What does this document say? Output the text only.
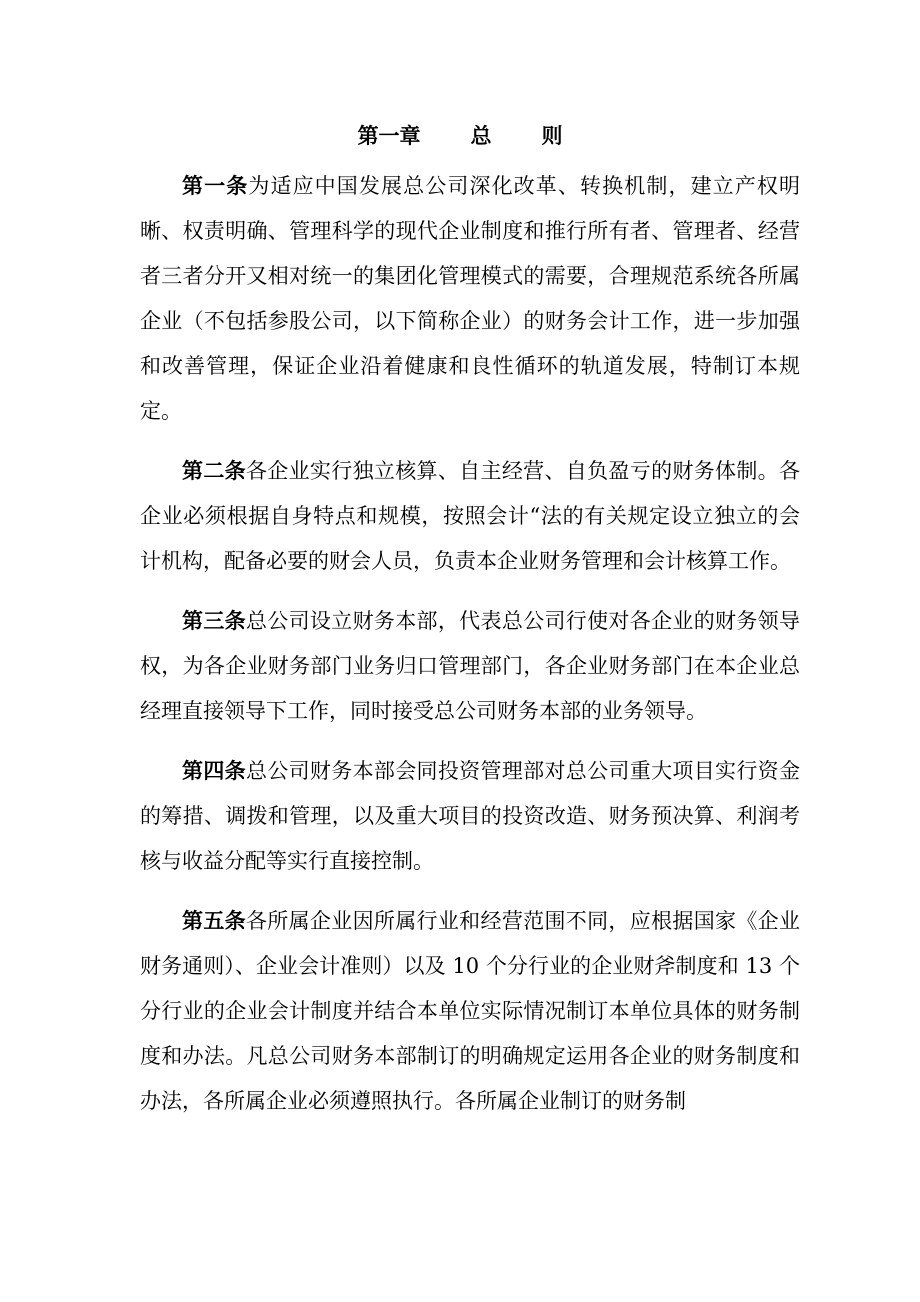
第一章 总 则

第一条为适应中国发展总公司深化改革、转换机制，建立产权明晰、权责明确、管理科学的现代企业制度和推行所有者、管理者、经营者三者分开又相对统一的集团化管理模式的需要，合理规范系统各所属企业（不包括参股公司，以下简称企业）的财务会计工作，进一步加强和改善管理，保证企业沿着健康和良性循环的轨道发展，特制订本规定。

第二条各企业实行独立核算、自主经营、自负盈亏的财务体制。各企业必须根据自身特点和规模，按照会计“法的有关规定设立独立的会计机构，配备必要的财会人员，负责本企业财务管理和会计核算工作。

第三条总公司设立财务本部，代表总公司行使对各企业的财务领导权，为各企业财务部门业务归口管理部门，各企业财务部门在本企业总经理直接领导下工作，同时接受总公司财务本部的业务领导。

第四条总公司财务本部会同投资管理部对总公司重大项目实行资金的筹措、调拨和管理，以及重大项目的投资改造、财务预决算、利润考核与收益分配等实行直接控制。

第五条各所属企业因所属行业和经营范围不同，应根据国家《企业财务通则）、企业会计准则）以及 10 个分行业的企业财斧制度和 13 个分行业的企业会计制度并结合本单位实际情况制订本单位具体的财务制度和办法。凡总公司财务本部制订的明确规定运用各企业的财务制度和办法，各所属企业必须遵照执行。各所属企业制订的财务制
